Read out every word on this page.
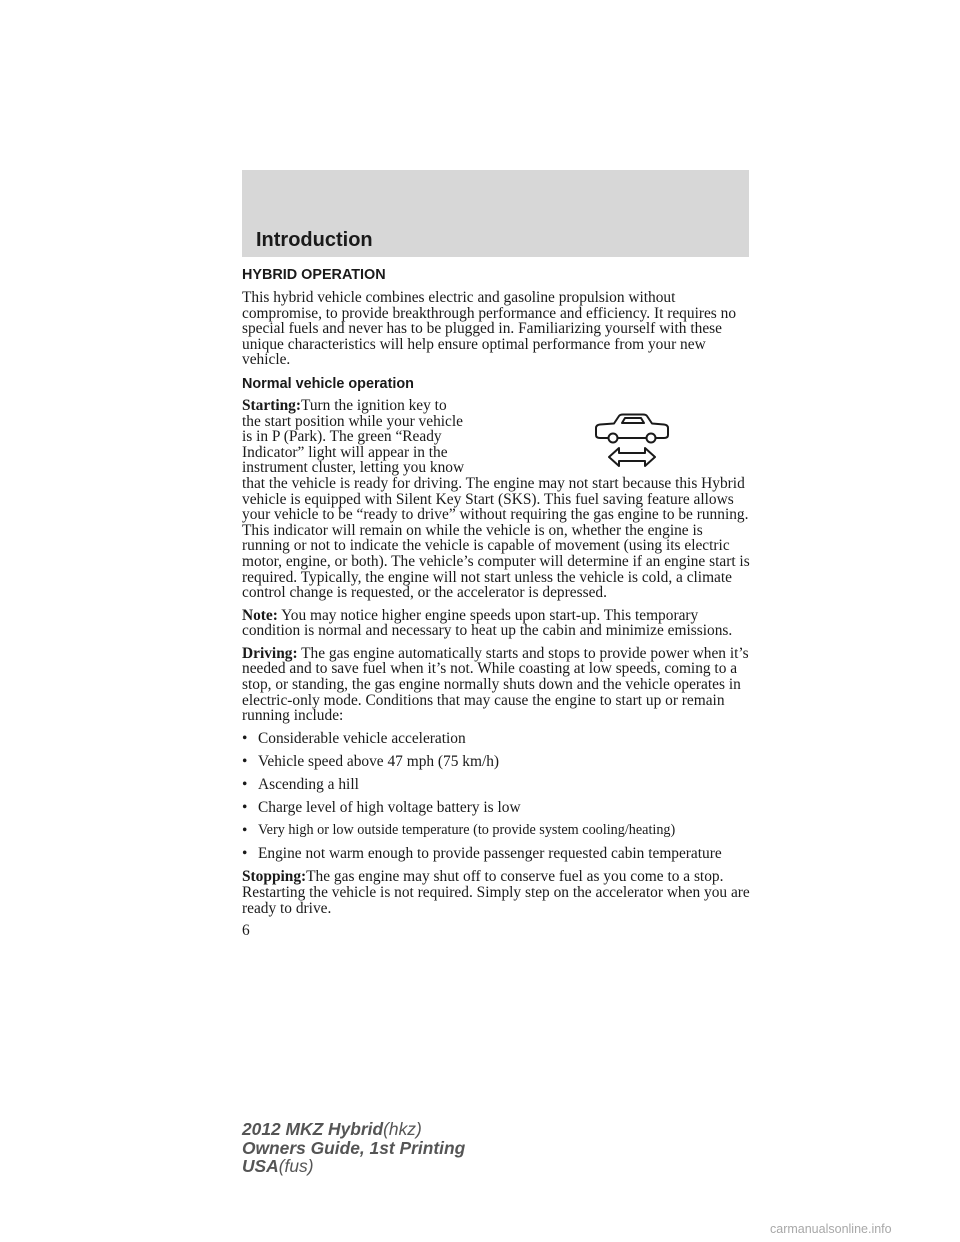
Introduction
HYBRID OPERATION

This hybrid vehicle combines electric and gasoline propulsion without compromise, to provide breakthrough performance and efficiency. It requires no special fuels and never has to be plugged in. Familiarizing yourself with these unique characteristics will help ensure optimal performance from your new vehicle.

Normal vehicle operation

Starting:Turn the ignition key to
the start position while your vehicle
is in P (Park). The green “Ready
Indicator” light will appear in the
instrument cluster, letting you know
that the vehicle is ready for driving. The engine may not start because this Hybrid vehicle is equipped with Silent Key Start (SKS). This fuel saving feature allows your vehicle to be “ready to drive” without requiring the gas engine to be running. This indicator will remain on while the vehicle is on, whether the engine is running or not to indicate the vehicle is capable of movement (using its electric motor, engine, or both). The vehicle’s computer will determine if an engine start is required. Typically, the engine will not start unless the vehicle is cold, a climate control change is requested, or the accelerator is depressed.

Note: You may notice higher engine speeds upon start-up. This temporary condition is normal and necessary to heat up the cabin and minimize emissions.

Driving: The gas engine automatically starts and stops to provide power when it’s needed and to save fuel when it’s not. While coasting at low speeds, coming to a stop, or standing, the gas engine normally shuts down and the vehicle operates in electric-only mode. Conditions that may cause the engine to start up or remain running include:

• Considerable vehicle acceleration
• Vehicle speed above 47 mph (75 km/h)
• Ascending a hill
• Charge level of high voltage battery is low
• Very high or low outside temperature (to provide system cooling/heating)
• Engine not warm enough to provide passenger requested cabin temperature

Stopping:The gas engine may shut off to conserve fuel as you come to a stop. Restarting the vehicle is not required. Simply step on the accelerator when you are ready to drive.

6
2012 MKZ Hybrid(hkz)
Owners Guide, 1st Printing
USA(fus)
carmanualsonline.info
